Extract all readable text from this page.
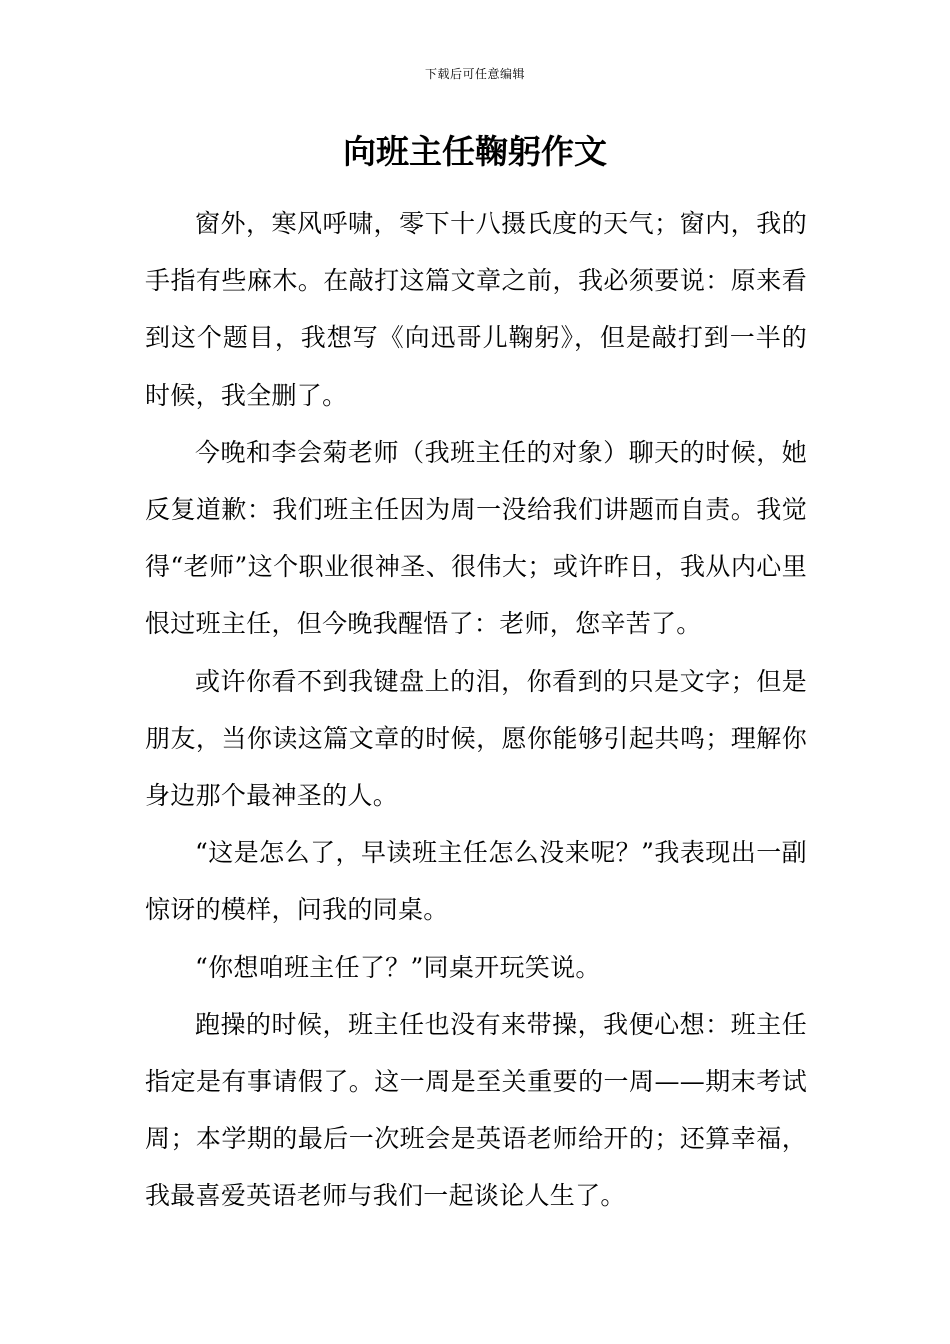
下载后可任意编辑
向班主任鞠躬作文

窗外，寒风呼啸，零下十八摄氏度的天气；窗内，我的手指有些麻木。在敲打这篇文章之前，我必须要说：原来看到这个题目，我想写《向迅哥儿鞠躬》，但是敲打到一半的时候，我全删了。

今晚和李会菊老师（我班主任的对象）聊天的时候，她反复道歉：我们班主任因为周一没给我们讲题而自责。我觉得“老师”这个职业很神圣、很伟大；或许昨日，我从内心里恨过班主任，但今晚我醒悟了：老师，您辛苦了。

或许你看不到我键盘上的泪，你看到的只是文字；但是朋友，当你读这篇文章的时候，愿你能够引起共鸣；理解你身边那个最神圣的人。

“这是怎么了，早读班主任怎么没来呢？”我表现出一副惊讶的模样，问我的同桌。

“你想咱班主任了？”同桌开玩笑说。

跑操的时候，班主任也没有来带操，我便心想：班主任指定是有事请假了。这一周是至关重要的一周——期末考试周；本学期的最后一次班会是英语老师给开的；还算幸福，我最喜爱英语老师与我们一起谈论人生了。
